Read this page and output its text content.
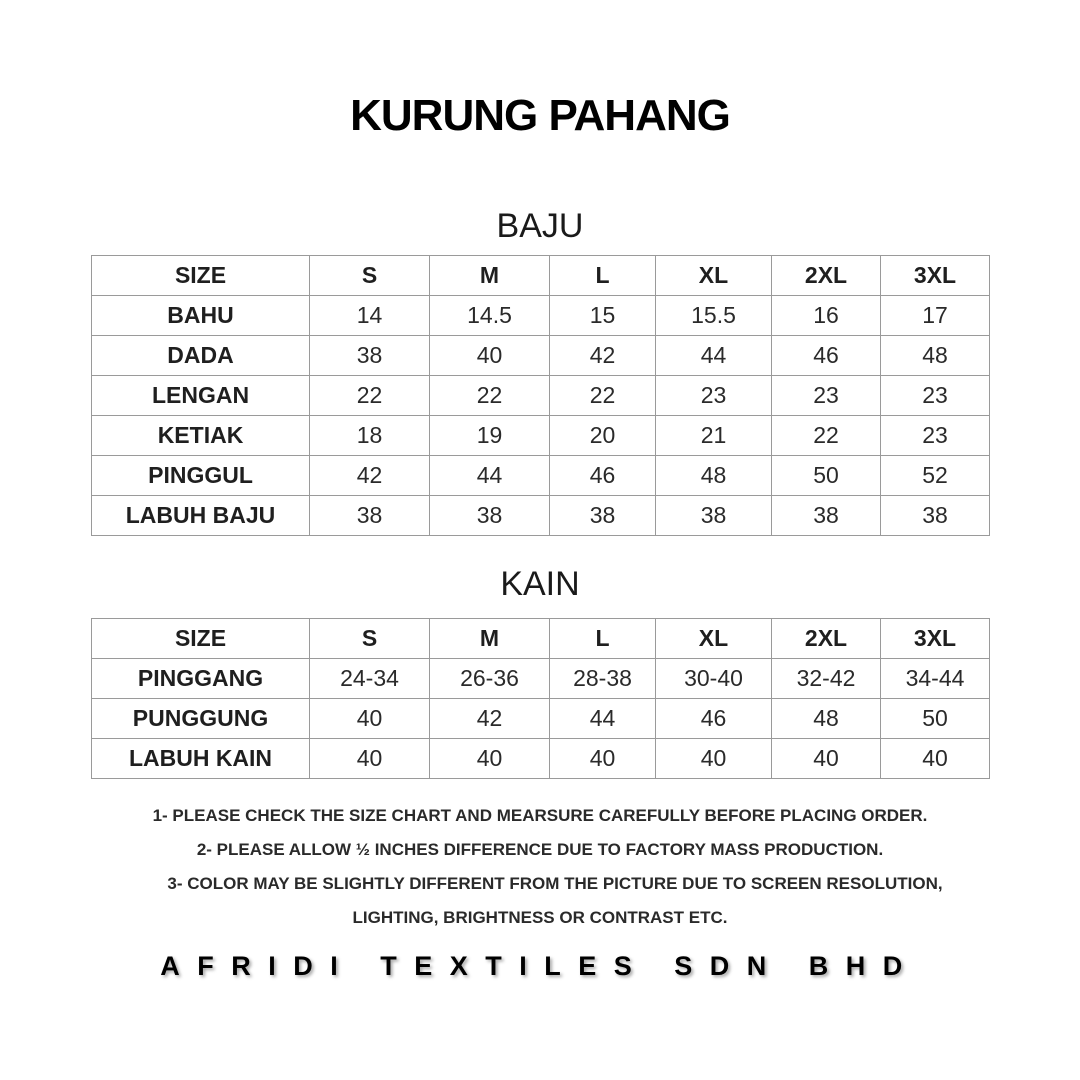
KURUNG PAHANG
BAJU
SIZE	S	M	L	XL	2XL	3XL
BAHU	14	14.5	15	15.5	16	17
DADA	38	40	42	44	46	48
LENGAN	22	22	22	23	23	23
KETIAK	18	19	20	21	22	23
PINGGUL	42	44	46	48	50	52
LABUH BAJU	38	38	38	38	38	38
KAIN
SIZE	S	M	L	XL	2XL	3XL
PINGGANG	24-34	26-36	28-38	30-40	32-42	34-44
PUNGGUNG	40	42	44	46	48	50
LABUH KAIN	40	40	40	40	40	40
1- PLEASE CHECK THE SIZE CHART AND MEARSURE CAREFULLY BEFORE PLACING ORDER.
2- PLEASE ALLOW ½ INCHES DIFFERENCE DUE TO FACTORY MASS PRODUCTION.
3- COLOR MAY BE SLIGHTLY DIFFERENT FROM THE PICTURE DUE TO SCREEN RESOLUTION,
LIGHTING, BRIGHTNESS OR CONTRAST ETC.
AFRIDI TEXTILES SDN BHD
